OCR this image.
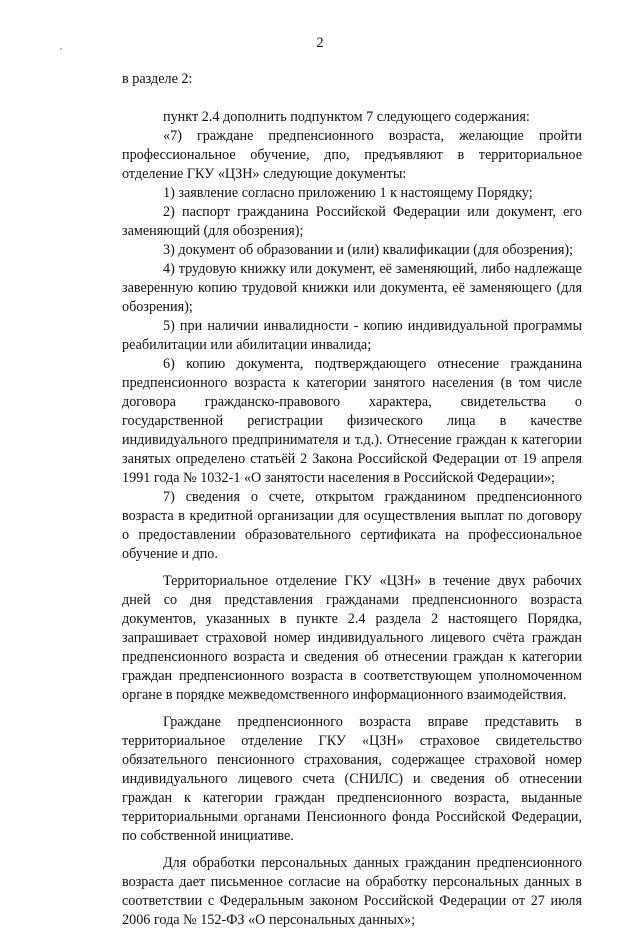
2

в разделе 2:

пункт 2.4 дополнить подпунктом 7 следующего содержания:

«7) граждане предпенсионного возраста, желающие пройти профессиональное обучение, дпо, предъявляют в территориальное отделение ГКУ «ЦЗН» следующие документы:

1) заявление согласно приложению 1 к настоящему Порядку;

2) паспорт гражданина Российской Федерации или документ, его заменяющий (для обозрения);

3) документ об образовании и (или) квалификации (для обозрения);

4) трудовую книжку или документ, её заменяющий, либо надлежаще заверенную копию трудовой книжки или документа, её заменяющего (для обозрения);

5) при наличии инвалидности - копию индивидуальной программы реабилитации или абилитации инвалида;

6) копию документа, подтверждающего отнесение гражданина предпенсионного возраста к категории занятого населения (в том числе договора гражданско-правового характера, свидетельства о государственной регистрации физического лица в качестве индивидуального предпринимателя и т.д.). Отнесение граждан к категории занятых определено статьёй 2 Закона Российской Федерации от 19 апреля 1991 года № 1032-1 «О занятости населения в Российской Федерации»;

7) сведения о счете, открытом гражданином предпенсионного возраста в кредитной организации для осуществления выплат по договору о предоставлении образовательного сертификата на профессиональное обучение и дпо.

Территориальное отделение ГКУ «ЦЗН» в течение двух рабочих дней со дня представления гражданами предпенсионного возраста документов, указанных в пункте 2.4 раздела 2 настоящего Порядка, запрашивает страховой номер индивидуального лицевого счёта граждан предпенсионного возраста и сведения об отнесении граждан к категории граждан предпенсионного возраста в соответствующем уполномоченном органе в порядке межведомственного информационного взаимодействия.

Граждане предпенсионного возраста вправе представить в территориальное отделение ГКУ «ЦЗН» страховое свидетельство обязательного пенсионного страхования, содержащее страховой номер индивидуального лицевого счета (СНИЛС) и сведения об отнесении граждан к категории граждан предпенсионного возраста, выданные территориальными органами Пенсионного фонда Российской Федерации, по собственной инициативе.

Для обработки персональных данных гражданин предпенсионного возраста дает письменное согласие на обработку персональных данных в соответствии с Федеральным законом Российской Федерации от 27 июля 2006 года № 152-ФЗ «О персональных данных»;
